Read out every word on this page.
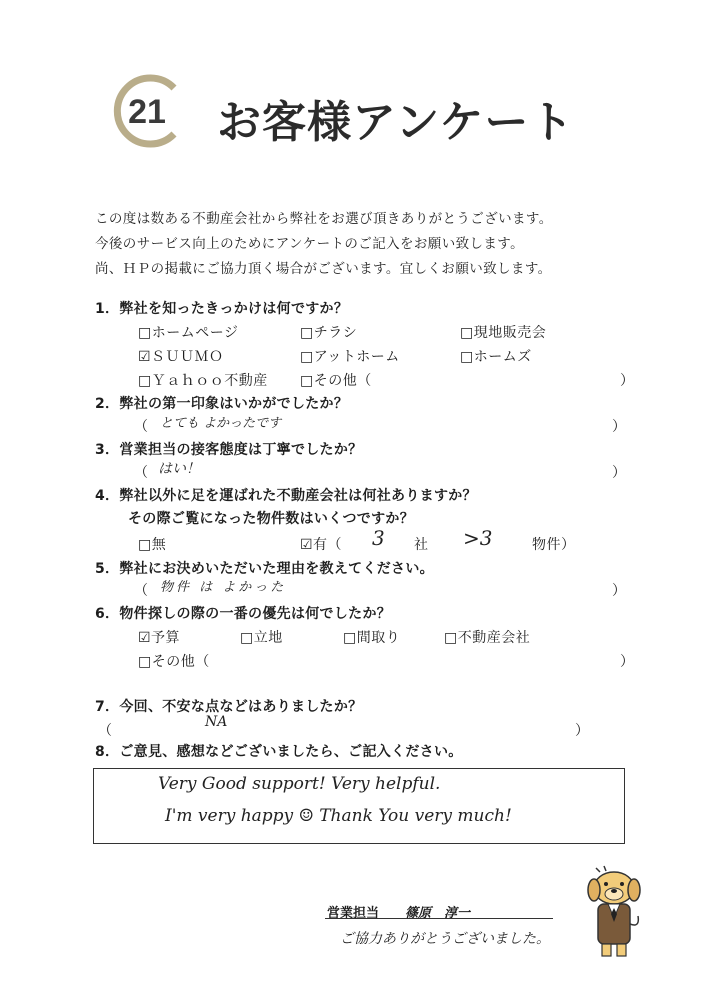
21 お客様アンケート
この度は数ある不動産会社から弊社をお選び頂きありがとうございます。
今後のサービス向上のためにアンケートのご記入をお願い致します。
尚、ＨＰの掲載にご協力頂く場合がございます。宜しくお願い致します。
1．弊社を知ったきっかけは何ですか？
□ホームページ	□チラシ	□現地販売会
☑ＳＵＵＭＯ	□アットホーム	□ホームズ
□Ｙａｈｏｏ不動産 □その他（	）
2．弊社の第一印象はいかがでしたか？
（ とても よかったです	）
3．営業担当の接客態度は丁寧でしたか？
（ はい！	）
4．弊社以外に足を運ばれた不動産会社は何社ありますか？
その際ご覧になった物件数はいくつですか？
□無	☑有（ 3 社 >3	物件）
5．弊社にお決めいただいた理由を教えてください。
（ 物件 は よかった	）
6．物件探しの際の一番の優先は何でしたか？
☑予算	□立地	□間取り	□不動産会社
□その他（	）
7．今回、不安な点などはありましたか？
（
NA
）
8．ご意見、感想などございましたら、ご記入ください。
Very Good support! Very helpful.
I'm very happy ☺ Thank You very much!
営業担当 篠原　淳一
ご協力ありがとうございました。
